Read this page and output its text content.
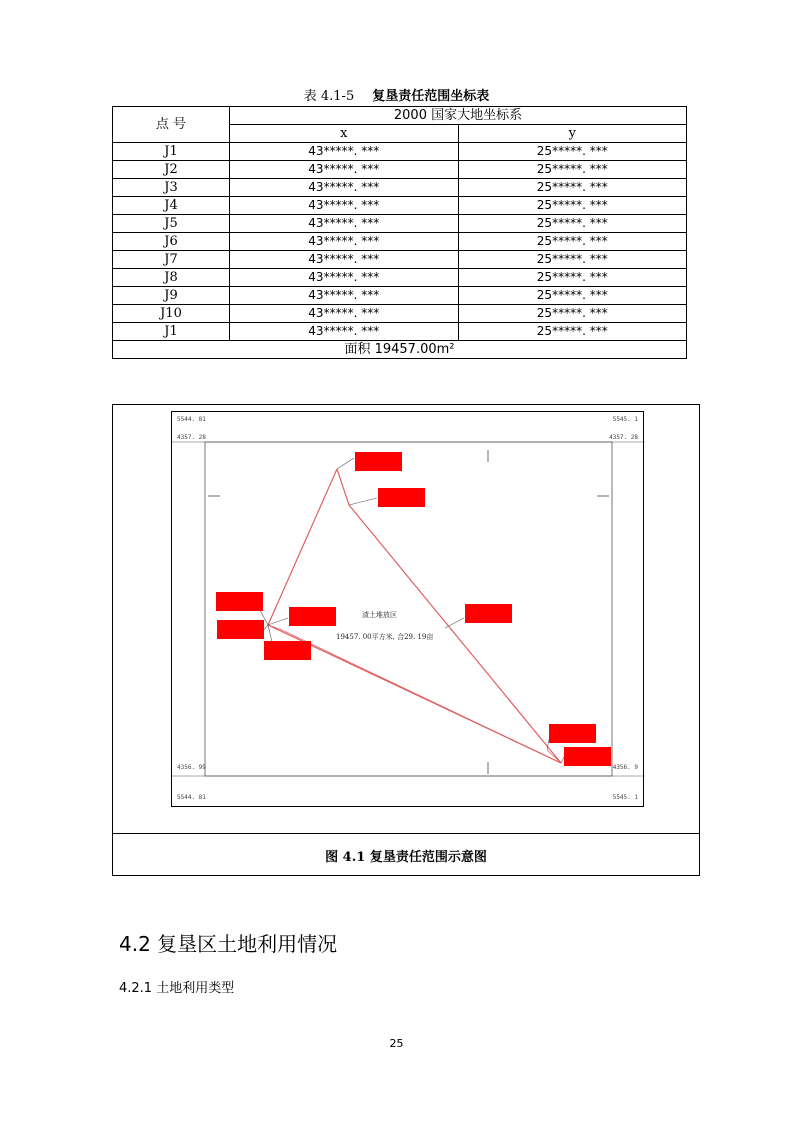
表 4.1-5 复垦责任范围坐标表
点 号	2000 国家大地坐标系	
	x	y
J1	43*****. ***	25*****. ***
J2	43*****. ***	25*****. ***
J3	43*****. ***	25*****. ***
J4	43*****. ***	25*****. ***
J5	43*****. ***	25*****. ***
J6	43*****. ***	25*****. ***
J7	43*****. ***	25*****. ***
J8	43*****. ***	25*****. ***
J9	43*****. ***	25*****. ***
J10	43*****. ***	25*****. ***
J1	43*****. ***	25*****. ***
面积 19457.00m²		
5544. 81
4357. 28
5545. 1
4357. 28
4356. 99
5544. 81
4356. 9
5545. 1
渣土堆放区
19457. 00平方米, 合29. 19亩
图 4.1 复垦责任范围示意图
4.2 复垦区土地利用情况
4.2.1 土地利用类型
25
